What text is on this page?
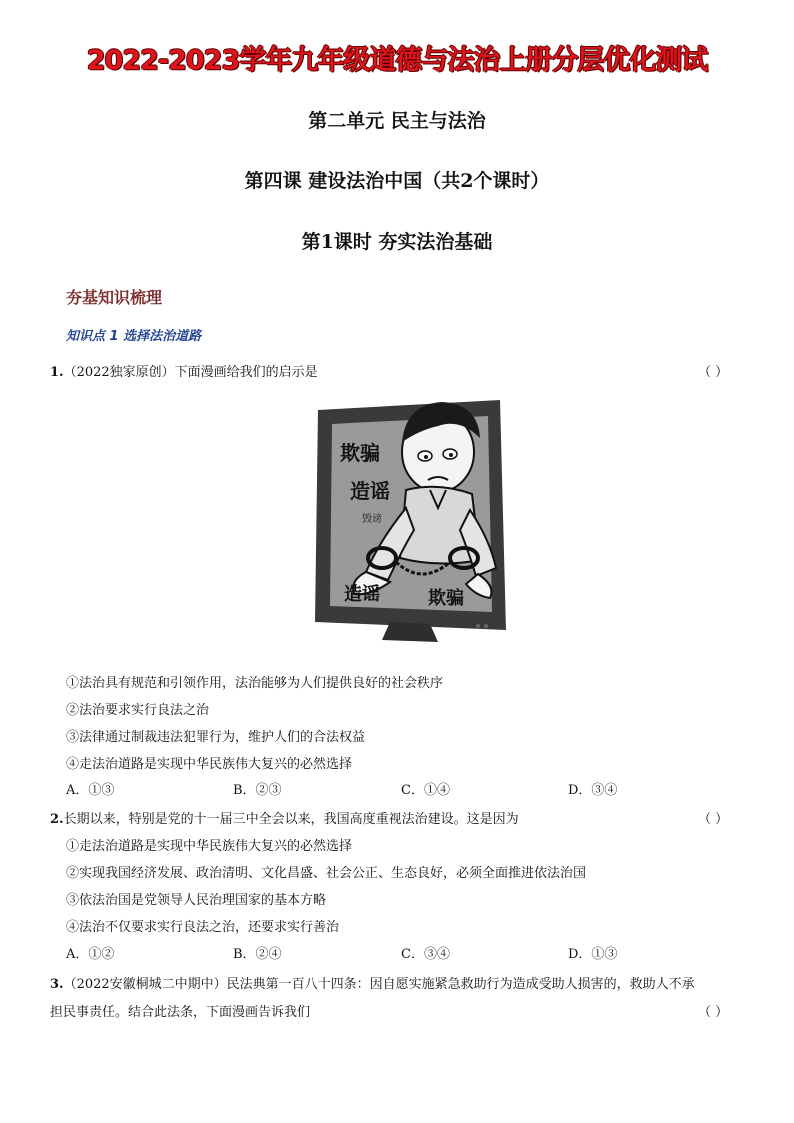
2022-2023学年九年级道德与法治上册分层优化测试
第二单元 民主与法治
第四课 建设法治中国（共2个课时）
第1课时 夯实法治基础
夯基知识梳理
知识点 1 选择法治道路
1.（2022独家原创）下面漫画给我们的启示是	（ ）
欺骗
造谣
毁谤
造谣	欺骗
①法治具有规范和引领作用，法治能够为人们提供良好的社会秩序
②法治要求实行良法之治
③法律通过制裁违法犯罪行为，维护人们的合法权益
④走法治道路是实现中华民族伟大复兴的必然选择
A．①③	B．②③	C．①④	D．③④
2.长期以来，特别是党的十一届三中全会以来，我国高度重视法治建设。这是因为	（ ）
①走法治道路是实现中华民族伟大复兴的必然选择
②实现我国经济发展、政治清明、文化昌盛、社会公正、生态良好，必须全面推进依法治国
③依法治国是党领导人民治理国家的基本方略
④法治不仅要求实行良法之治，还要求实行善治
A．①②	B．②④	C．③④	D．①③
3.（2022安徽桐城二中期中）民法典第一百八十四条：因自愿实施紧急救助行为造成受助人损害的，救助人不承
担民事责任。结合此法条，下面漫画告诉我们	（ ）
